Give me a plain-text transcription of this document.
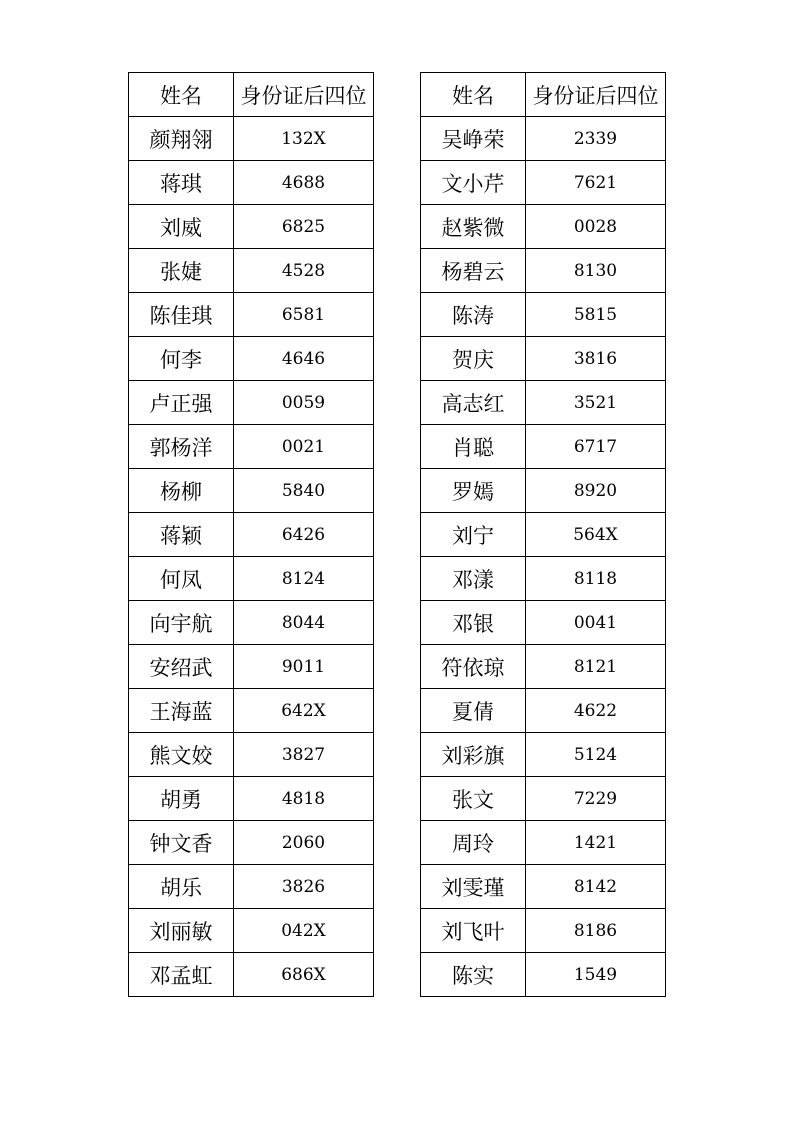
姓名	身份证后四位
颜翔翎	132X
蒋琪	4688
刘威	6825
张婕	4528
陈佳琪	6581
何李	4646
卢正强	0059
郭杨洋	0021
杨柳	5840
蒋颖	6426
何凤	8124
向宇航	8044
安绍武	9011
王海蓝	642X
熊文姣	3827
胡勇	4818
钟文香	2060
胡乐	3826
刘丽敏	042X
邓孟虹	686X
姓名	身份证后四位
吴峥荣	2339
文小芹	7621
赵紫微	0028
杨碧云	8130
陈涛	5815
贺庆	3816
高志红	3521
肖聪	6717
罗嫣	8920
刘宁	564X
邓漾	8118
邓银	0041
符依琼	8121
夏倩	4622
刘彩旗	5124
张文	7229
周玲	1421
刘雯瑾	8142
刘飞叶	8186
陈实	1549
